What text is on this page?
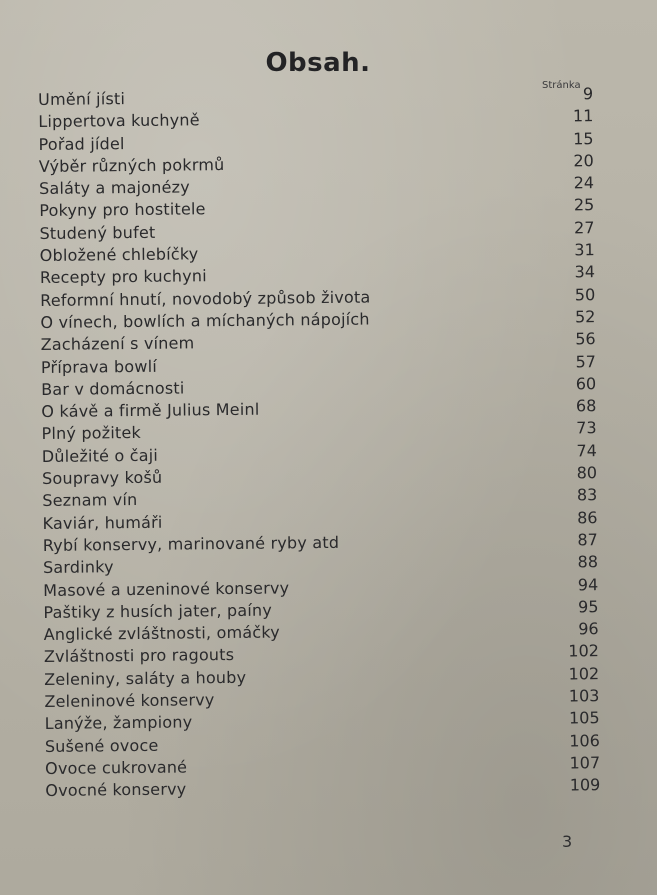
Obsah.
Stránka
Umění jísti	9
Lippertova kuchyně	11
Pořad jídel	15
Výběr různých pokrmů	20
Saláty a majonézy	24
Pokyny pro hostitele	25
Studený bufet	27
Obložené chlebíčky	31
Recepty pro kuchyni	34
Reformní hnutí, novodobý způsob života	50
O vínech, bowlích a míchaných nápojích	52
Zacházení s vínem	56
Příprava bowlí	57
Bar v domácnosti	60
O kávě a firmě Julius Meinl	68
Plný požitek	73
Důležité o čaji	74
Soupravy košů	80
Seznam vín	83
Kaviár, humáři	86
Rybí konservy, marinované ryby atd	87
Sardinky	88
Masové a uzeninové konservy	94
Paštiky z husích jater, paíny	95
Anglické zvláštnosti, omáčky	96
Zvláštnosti pro ragouts	102
Zeleniny, saláty a houby	102
Zeleninové konservy	103
Lanýže, žampiony	105
Sušené ovoce	106
Ovoce cukrované	107
Ovocné konservy	109
3
